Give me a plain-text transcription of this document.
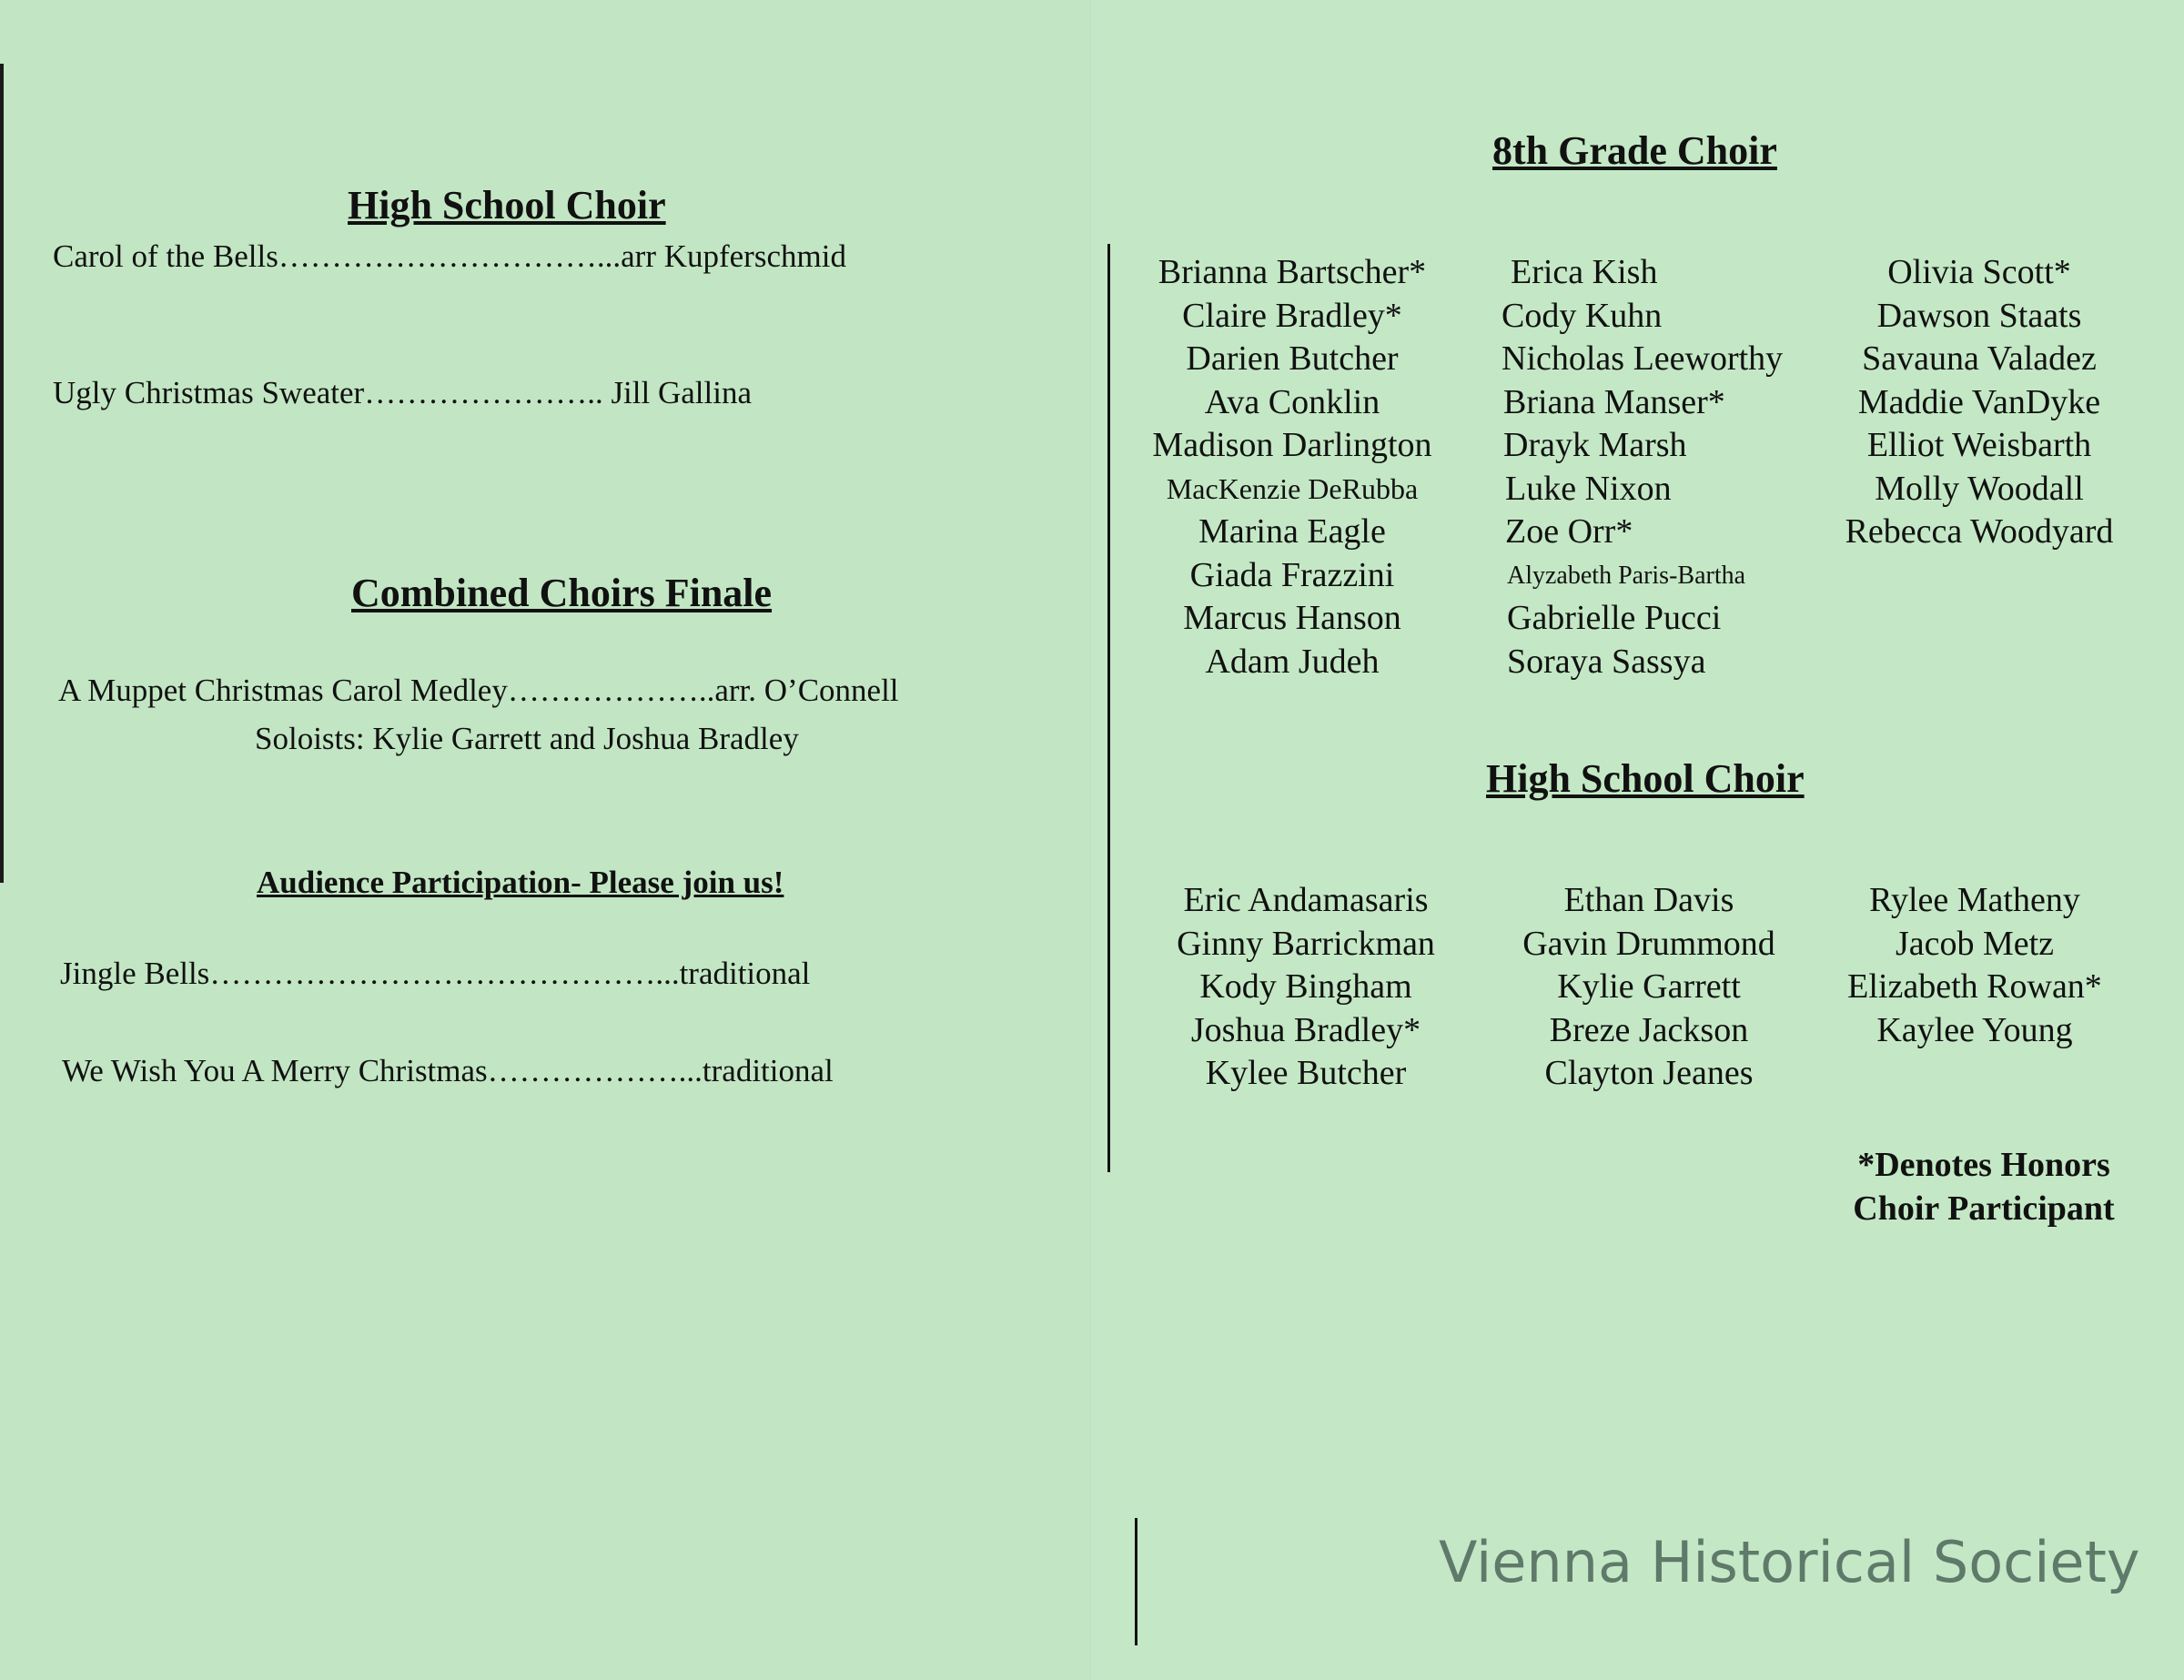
High School Choir
Carol of the Bells…………………………...arr Kupferschmid
Ugly Christmas Sweater………………….. Jill Gallina
Combined Choirs Finale
A Muppet Christmas Carol Medley………………..arr. O’Connell
Soloists: Kylie Garrett and Joshua Bradley
Audience Participation- Please join us!
Jingle Bells……………………………………...traditional
We Wish You A Merry Christmas………………...traditional
8th Grade Choir
Brianna Bartscher*
Claire Bradley*
Darien Butcher
Ava Conklin
Madison Darlington
MacKenzie DeRubba
Marina Eagle
Giada Frazzini
Marcus Hanson
Adam Judeh
Erica Kish
Cody Kuhn
Nicholas Leeworthy
Briana Manser*
Drayk Marsh
Luke Nixon
Zoe Orr*
Alyzabeth Paris-Bartha
Gabrielle Pucci
Soraya Sassya
Olivia Scott*
Dawson Staats
Savauna Valadez
Maddie VanDyke
Elliot Weisbarth
Molly Woodall
Rebecca Woodyard
High School Choir
Eric Andamasaris
Ginny Barrickman
Kody Bingham
Joshua Bradley*
Kylee Butcher
Ethan Davis
Gavin Drummond
Kylie Garrett
Breze Jackson
Clayton Jeanes
Rylee Matheny
Jacob Metz
Elizabeth Rowan*
Kaylee Young
*Denotes Honors
Choir Participant
Vienna Historical Society
